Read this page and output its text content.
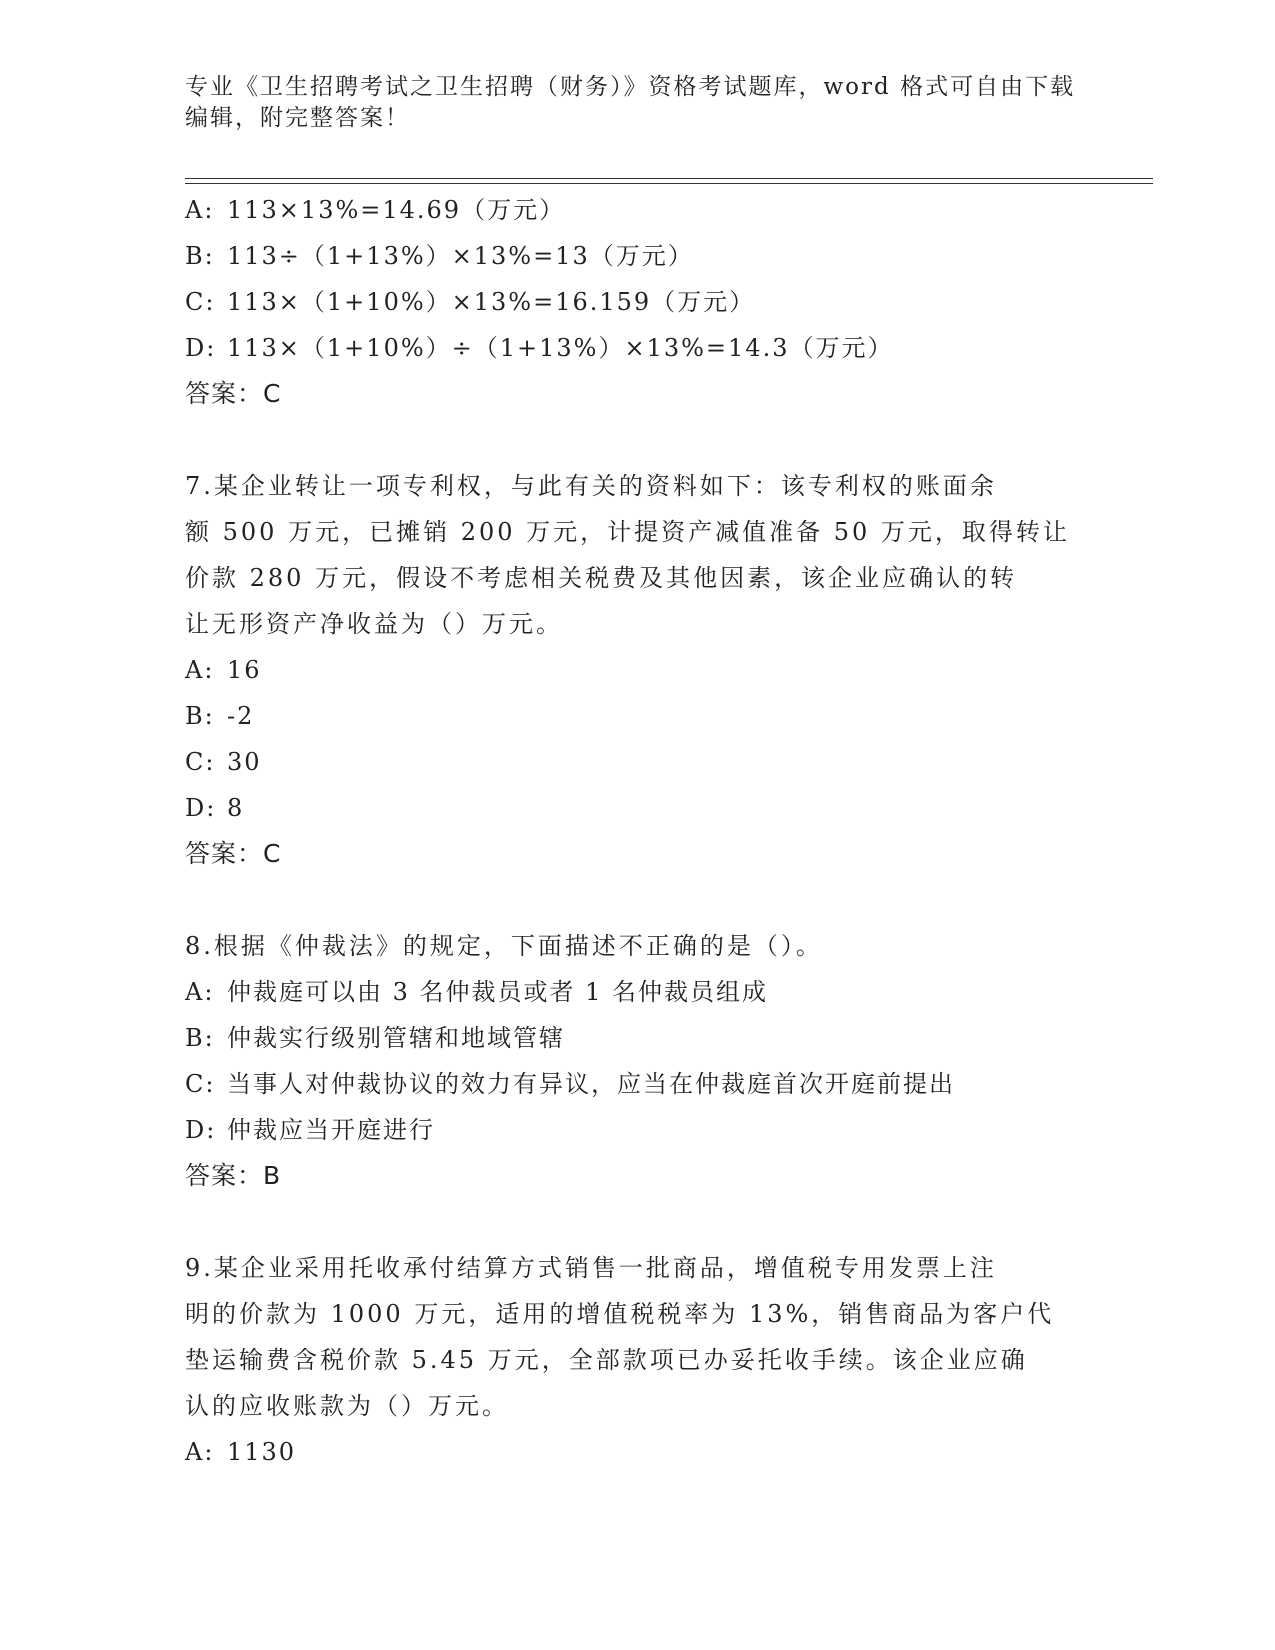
专业《卫生招聘考试之卫生招聘（财务）》资格考试题库，word 格式可自由下载
编辑，附完整答案！
A: 113×13%=14.69（万元）
B: 113÷（1+13%）×13%=13（万元）
C: 113×（1+10%）×13%=16.159（万元）
D: 113×（1+10%）÷（1+13%）×13%=14.3（万元）
答案：C
7.某企业转让一项专利权，与此有关的资料如下：该专利权的账面余
额 500 万元，已摊销 200 万元，计提资产减值准备 50 万元，取得转让
价款 280 万元，假设不考虑相关税费及其他因素，该企业应确认的转
让无形资产净收益为（）万元。
A: 16
B: -2
C: 30
D: 8
答案：C
8.根据《仲裁法》的规定，下面描述不正确的是（）。
A: 仲裁庭可以由 3 名仲裁员或者 1 名仲裁员组成
B: 仲裁实行级别管辖和地域管辖
C: 当事人对仲裁协议的效力有异议，应当在仲裁庭首次开庭前提出
D: 仲裁应当开庭进行
答案：B
9.某企业采用托收承付结算方式销售一批商品，增值税专用发票上注
明的价款为 1000 万元，适用的增值税税率为 13%，销售商品为客户代
垫运输费含税价款 5.45 万元，全部款项已办妥托收手续。该企业应确
认的应收账款为（）万元。
A: 1130
